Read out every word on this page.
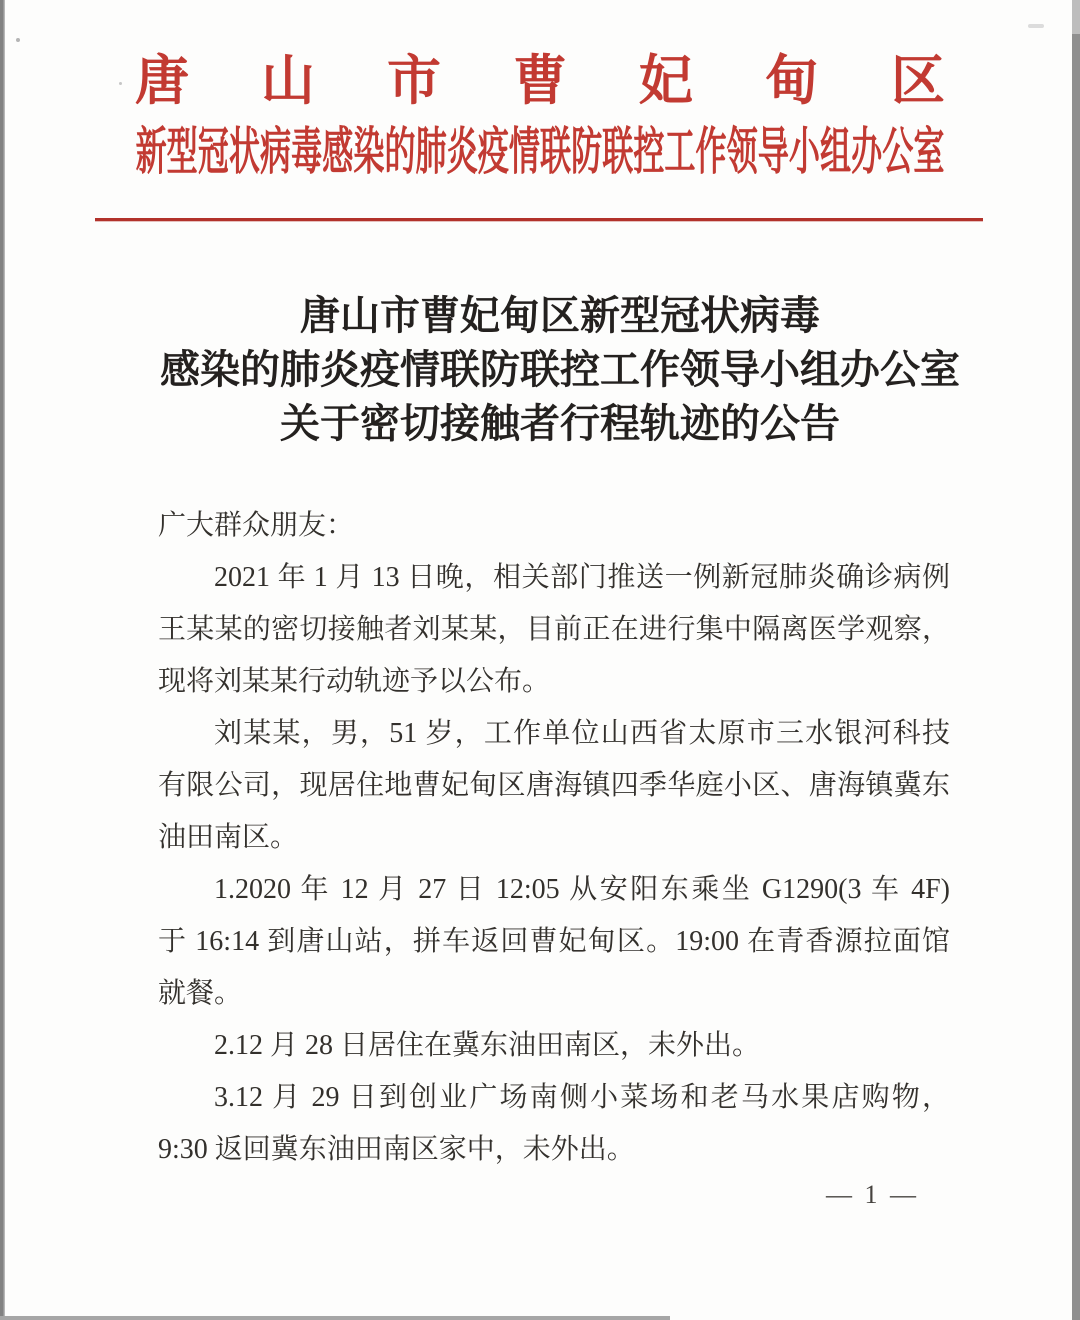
唐山市曹妃甸区
新型冠状病毒感染的肺炎疫情联防联控工作领导小组办公室
唐山市曹妃甸区新型冠状病毒
感染的肺炎疫情联防联控工作领导小组办公室
关于密切接触者行程轨迹的公告
广大群众朋友：
2021 年 1 月 13 日晚，相关部门推送一例新冠肺炎确诊病例
王某某的密切接触者刘某某，目前正在进行集中隔离医学观察，
现将刘某某行动轨迹予以公布。
刘某某，男，51 岁，工作单位山西省太原市三水银河科技
有限公司，现居住地曹妃甸区唐海镇四季华庭小区、唐海镇冀东
油田南区。
1.2020 年 12 月 27 日 12:05 从安阳东乘坐 G1290(3 车 4F)
于 16:14 到唐山站，拼车返回曹妃甸区。19:00 在青香源拉面馆
就餐。
2.12 月 28 日居住在冀东油田南区，未外出。
3.12 月 29 日到创业广场南侧小菜场和老马水果店购物，
9:30 返回冀东油田南区家中，未外出。
— 1 —
